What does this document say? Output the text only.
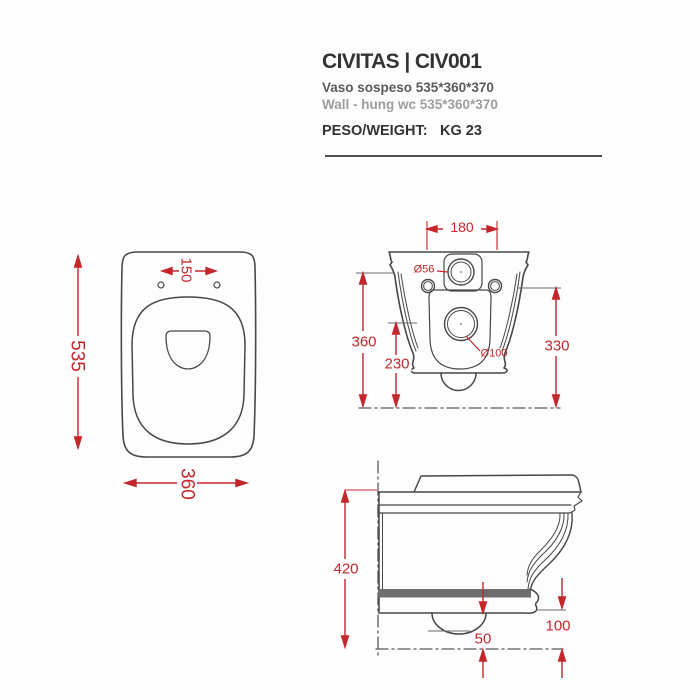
CIVITAS | CIV001
Vaso sospeso 535*360*370
Wall - hung wc 535*360*370
PESO/WEIGHT: KG 23
150
535
360
180
360
230
330
Ø56
Ø100
420
50
100
